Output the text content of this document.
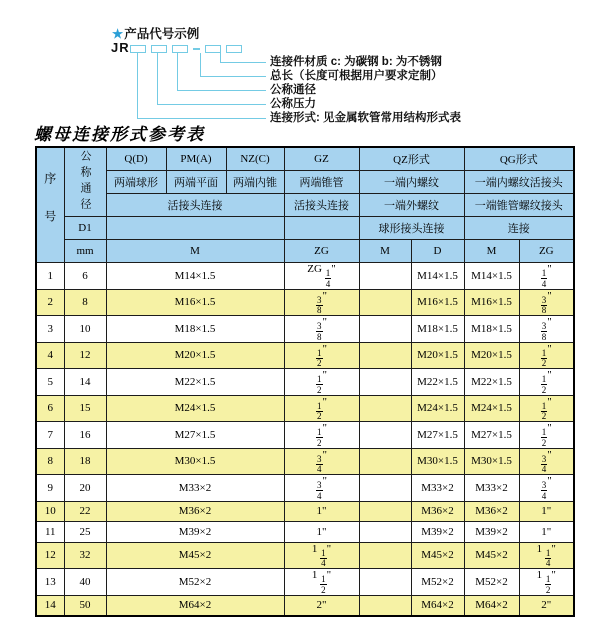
★产品代号示例
JR
连接件材质 c: 为碳钢 b: 为不锈钢
总长（长度可根据用户要求定制）
公称通径
公称压力
连接形式: 见金属软管常用结构形式表
螺母连接形式参考表
序号	公称通径	Q(D)	PM(A)	NZ(C)	GZ	QZ形式		QG形式	
		两端球形	两端平面	两端内锥	两端锥管	一端内螺纹		一端内螺纹活接头	
		活接头连接			活接头连接	一端外螺纹		一端锥管螺纹接头	
	D1					球形接头连接		连接	
	mm	M			ZG	M	D	M	ZG
1	6	M14×1.5			ZG $\frac{1}{4}$ "		M14×1.5	M14×1.5	$\frac{1}{4}$ "
2	8	M16×1.5			$\frac{3}{8}$ "		M16×1.5	M16×1.5	$\frac{3}{8}$ "
3	10	M18×1.5			$\frac{3}{8}$ "		M18×1.5	M18×1.5	$\frac{3}{8}$ "
4	12	M20×1.5			$\frac{1}{2}$ "		M20×1.5	M20×1.5	$\frac{1}{2}$ "
5	14	M22×1.5			$\frac{1}{2}$ "		M22×1.5	M22×1.5	$\frac{1}{2}$ "
6	15	M24×1.5			$\frac{1}{2}$ "		M24×1.5	M24×1.5	$\frac{1}{2}$ "
7	16	M27×1.5			$\frac{1}{2}$ "		M27×1.5	M27×1.5	$\frac{1}{2}$ "
8	18	M30×1.5			$\frac{3}{4}$ "		M30×1.5	M30×1.5	$\frac{3}{4}$ "
9	20	M33×2			$\frac{3}{4}$ "		M33×2	M33×2	$\frac{3}{4}$ "
10	22	M36×2			1"		M36×2	M36×2	1"
11	25	M39×2			1"		M39×2	M39×2	1"
12	32	M45×2			$1 \frac{1}{4}$ "		M45×2	M45×2	$1 \frac{1}{4}$ "
13	40	M52×2			$1 \frac{1}{2}$ "		M52×2	M52×2	$1 \frac{1}{2}$ "
14	50	M64×2			2"		M64×2	M64×2	2"
